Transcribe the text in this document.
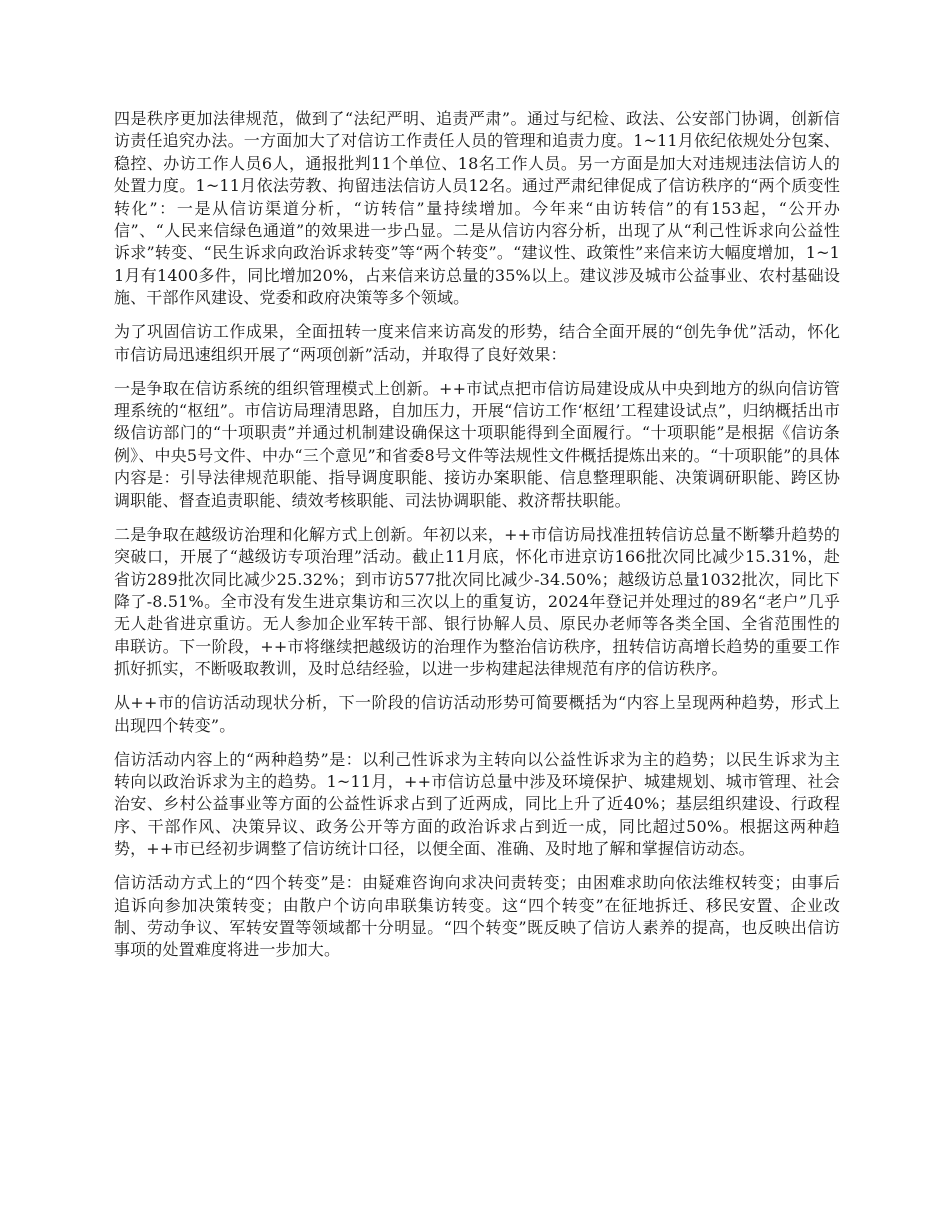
四是秩序更加法律规范，做到了“法纪严明、追责严肃”。通过与纪检、政法、公安部门协调，创新信访责任追究办法。一方面加大了对信访工作责任人员的管理和追责力度。1~11月依纪依规处分包案、稳控、办访工作人员6人，通报批判11个单位、18名工作人员。另一方面是加大对违规违法信访人的处置力度。1~11月依法劳教、拘留违法信访人员12名。通过严肃纪律促成了信访秩序的“两个质变性转化”：一是从信访渠道分析，“访转信”量持续增加。今年来“由访转信”的有153起，“公开办信”、“人民来信绿色通道”的效果进一步凸显。二是从信访内容分析，出现了从“利己性诉求向公益性诉求”转变、“民生诉求向政治诉求转变”等“两个转变”。“建议性、政策性”来信来访大幅度增加，1~11月有1400多件，同比增加20%，占来信来访总量的35%以上。建议涉及城市公益事业、农村基础设施、干部作风建设、党委和政府决策等多个领域。

为了巩固信访工作成果，全面扭转一度来信来访高发的形势，结合全面开展的“创先争优”活动，怀化市信访局迅速组织开展了“两项创新”活动，并取得了良好效果：

一是争取在信访系统的组织管理模式上创新。++市试点把市信访局建设成从中央到地方的纵向信访管理系统的“枢纽”。市信访局理清思路，自加压力，开展“信访工作‘枢纽’工程建设试点”，归纳概括出市级信访部门的“十项职责”并通过机制建设确保这十项职能得到全面履行。“十项职能”是根据《信访条例》、中央5号文件、中办“三个意见”和省委8号文件等法规性文件概括提炼出来的。“十项职能”的具体内容是：引导法律规范职能、指导调度职能、接访办案职能、信息整理职能、决策调研职能、跨区协调职能、督查追责职能、绩效考核职能、司法协调职能、救济帮扶职能。

二是争取在越级访治理和化解方式上创新。年初以来，++市信访局找准扭转信访总量不断攀升趋势的突破口，开展了“越级访专项治理”活动。截止11月底，怀化市进京访166批次同比减少15.31%，赴省访289批次同比减少25.32%；到市访577批次同比减少-34.50%；越级访总量1032批次，同比下降了-8.51%。全市没有发生进京集访和三次以上的重复访，2024年登记并处理过的89名“老户”几乎无人赴省进京重访。无人参加企业军转干部、银行协解人员、原民办老师等各类全国、全省范围性的串联访。下一阶段，++市将继续把越级访的治理作为整治信访秩序，扭转信访高增长趋势的重要工作抓好抓实，不断吸取教训，及时总结经验，以进一步构建起法律规范有序的信访秩序。

从++市的信访活动现状分析，下一阶段的信访活动形势可简要概括为“内容上呈现两种趋势，形式上出现四个转变”。

信访活动内容上的“两种趋势”是：以利己性诉求为主转向以公益性诉求为主的趋势；以民生诉求为主转向以政治诉求为主的趋势。1~11月，++市信访总量中涉及环境保护、城建规划、城市管理、社会治安、乡村公益事业等方面的公益性诉求占到了近两成，同比上升了近40%；基层组织建设、行政程序、干部作风、决策异议、政务公开等方面的政治诉求占到近一成，同比超过50%。根据这两种趋势，++市已经初步调整了信访统计口径，以便全面、准确、及时地了解和掌握信访动态。

信访活动方式上的“四个转变”是：由疑难咨询向求决问责转变；由困难求助向依法维权转变；由事后追诉向参加决策转变；由散户个访向串联集访转变。这“四个转变”在征地拆迁、移民安置、企业改制、劳动争议、军转安置等领域都十分明显。“四个转变”既反映了信访人素养的提高，也反映出信访事项的处置难度将进一步加大。
